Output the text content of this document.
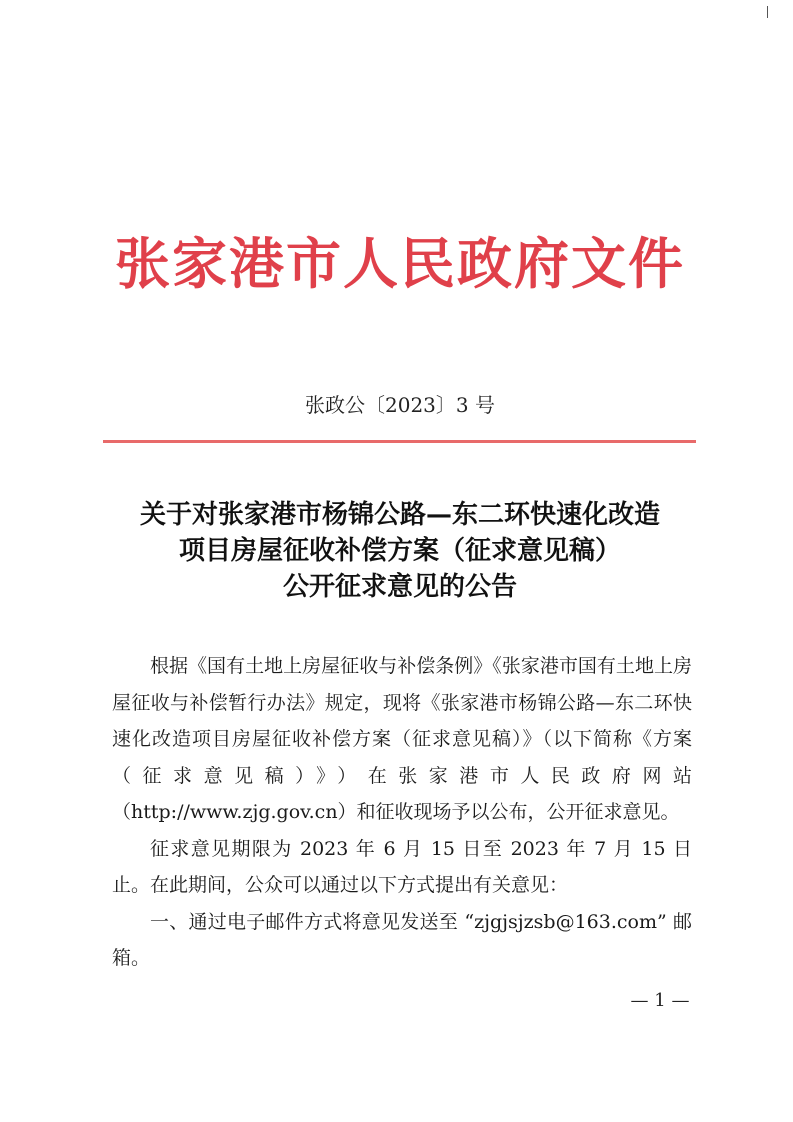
张家港市人民政府文件
张政公〔2023〕3 号
关于对张家港市杨锦公路—东二环快速化改造
项目房屋征收补偿方案（征求意见稿）
公开征求意见的公告

根据《国有土地上房屋征收与补偿条例》《张家港市国有土地上房屋征收与补偿暂行办法》规定，现将《张家港市杨锦公路—东二环快速化改造项目房屋征收补偿方案（征求意见稿）》（以下简称《方案（征求意见稿）》）在张家港市人民政府网站（http://www.zjg.gov.cn）和征收现场予以公布，公开征求意见。

征求意见期限为 2023 年 6 月 15 日至 2023 年 7 月 15 日止。在此期间，公众可以通过以下方式提出有关意见：

一、通过电子邮件方式将意见发送至 “zjgjsjzsb@163.com” 邮箱。

— 1 —
